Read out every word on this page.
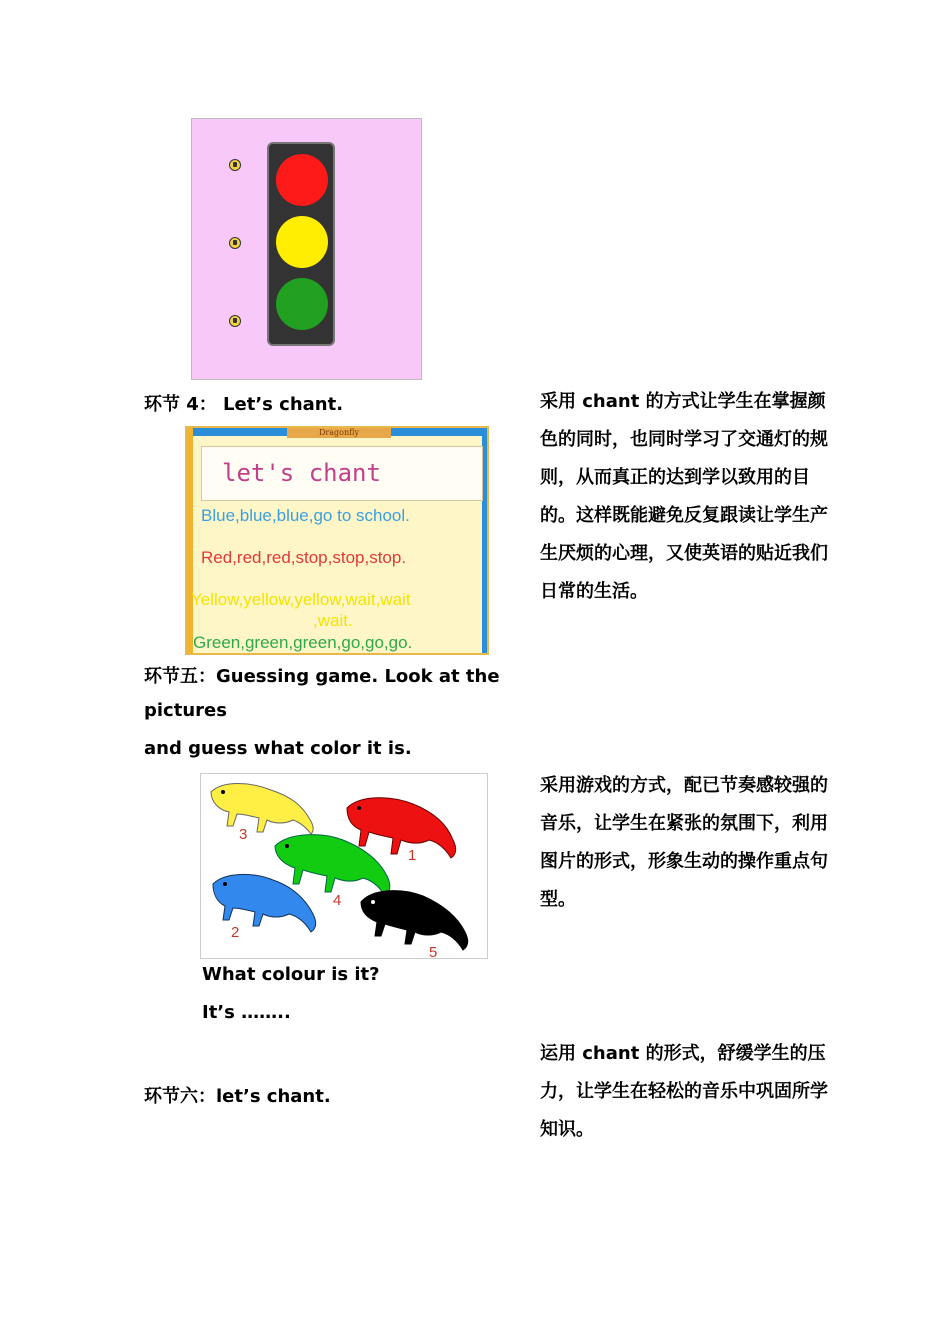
环节 4： Let’s chant.	采用 chant 的方式让学生在掌握颜色的同时，也同时学习了交通灯的规则，从而真正的达到学以致用的目的。这样既能避免反复跟读让学生产生厌烦的心理，又使英语的贴近我们日常的生活。
Dragonfly
let's chant
Blue,blue,blue,go to school.
Red,red,red,stop,stop,stop.
Yellow,yellow,yellow,wait,wait
,wait.
Green,green,green,go,go,go.
环节五：Guessing game. Look at the
pictures
and guess what color it is.
3
1
4
2
5
采用游戏的方式，配已节奏感较强的音乐，让学生在紧张的氛围下，利用图片的形式，形象生动的操作重点句型。
What colour is it?
It’s ……..
运用 chant 的形式，舒缓学生的压力，让学生在轻松的音乐中巩固所学知识。
环节六：let’s chant.
